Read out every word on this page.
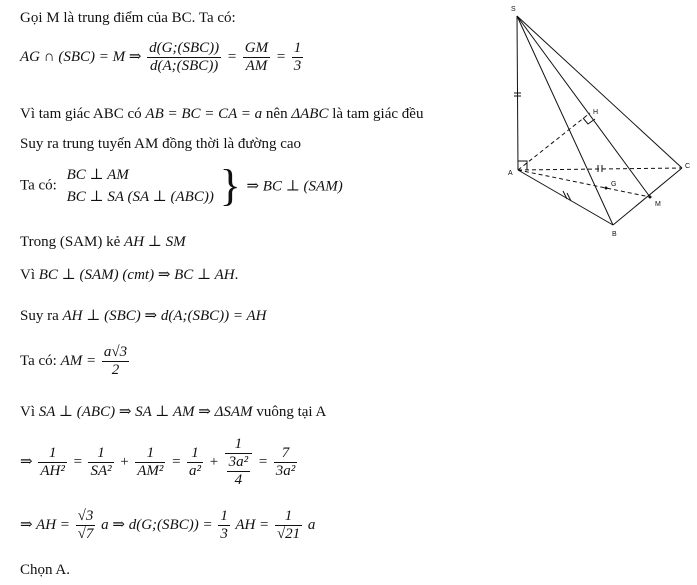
Gọi M là trung điểm của BC. Ta có:
AG ∩ (SBC) = M ⇒ $\frac{\text{d(G;(SBC))}}{\text{d(A;(SBC))}} = \frac{GM}{AM} = \frac{1}{3}$
Vì tam giác ABC có AB = BC = CA = a nên ΔABC là tam giác đều
Suy ra trung tuyến AM đồng thời là đường cao
Ta có:
BC ⊥ AM
BC ⊥ SA (SA ⊥ (ABC)) } ⇒ BC ⊥ (SAM)
Trong (SAM) kẻ AH ⊥ SM
Vì BC ⊥ (SAM) (cmt) ⇒ BC ⊥ AH.
Suy ra AH ⊥ (SBC) ⇒ d(A;(SBC)) = AH
Ta có: AM = $\frac{a√3}{2}$
Vì SA ⊥ (ABC) ⇒ SA ⊥ AM ⇒ ΔSAM vuông tại A
⇒ $\frac{1}{\text{AH²}} = \frac{1}{\text{SA²}} + \frac{1}{\text{AM²}} = \frac{1}{\text{a²}} + 1$
3a²
$4 = \frac{7}{\text{3a²}}$
⇒ AH = $\frac{√3}{√7}$ a ⇒ d(G;(SBC)) = $\frac{1}{3}$ AH = $\frac{1}{√21}$ a
Chọn A.
S
A
B
C
H
G
M
